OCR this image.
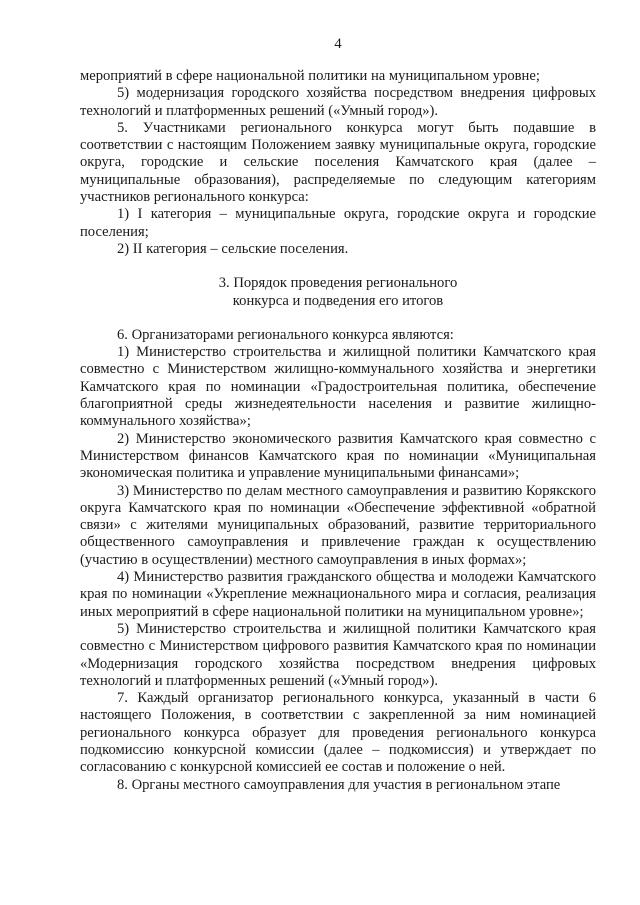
4

мероприятий в сфере национальной политики на муниципальном уровне;

5) модернизация городского хозяйства посредством внедрения цифровых технологий и платформенных решений («Умный город»).

5. Участниками регионального конкурса могут быть подавшие в соответствии с настоящим Положением заявку муниципальные округа, городские округа, городские и сельские поселения Камчатского края (далее – муниципальные образования), распределяемые по следующим категориям участников регионального конкурса:

1) I категория – муниципальные округа, городские округа и городские поселения;

2) II категория – сельские поселения.

3. Порядок проведения регионального

конкурса и подведения его итогов

6. Организаторами регионального конкурса являются:

1) Министерство строительства и жилищной политики Камчатского края совместно с Министерством жилищно-коммунального хозяйства и энергетики Камчатского края по номинации «Градостроительная политика, обеспечение благоприятной среды жизнедеятельности населения и развитие жилищно-коммунального хозяйства»;

2) Министерство экономического развития Камчатского края совместно с Министерством финансов Камчатского края по номинации «Муниципальная экономическая политика и управление муниципальными финансами»;

3) Министерство по делам местного самоуправления и развитию Корякского округа Камчатского края по номинации «Обеспечение эффективной «обратной связи» с жителями муниципальных образований, развитие территориального общественного самоуправления и привлечение граждан к осуществлению (участию в осуществлении) местного самоуправления в иных формах»;

4) Министерство развития гражданского общества и молодежи Камчатского края по номинации «Укрепление межнационального мира и согласия, реализация иных мероприятий в сфере национальной политики на муниципальном уровне»;

5) Министерство строительства и жилищной политики Камчатского края совместно с Министерством цифрового развития Камчатского края по номинации «Модернизация городского хозяйства посредством внедрения цифровых технологий и платформенных решений («Умный город»).

7. Каждый организатор регионального конкурса, указанный в части 6 настоящего Положения, в соответствии с закрепленной за ним номинацией регионального конкурса образует для проведения регионального конкурса подкомиссию конкурсной комиссии (далее – подкомиссия) и утверждает по согласованию с конкурсной комиссией ее состав и положение о ней.

8. Органы местного самоуправления для участия в региональном этапе
